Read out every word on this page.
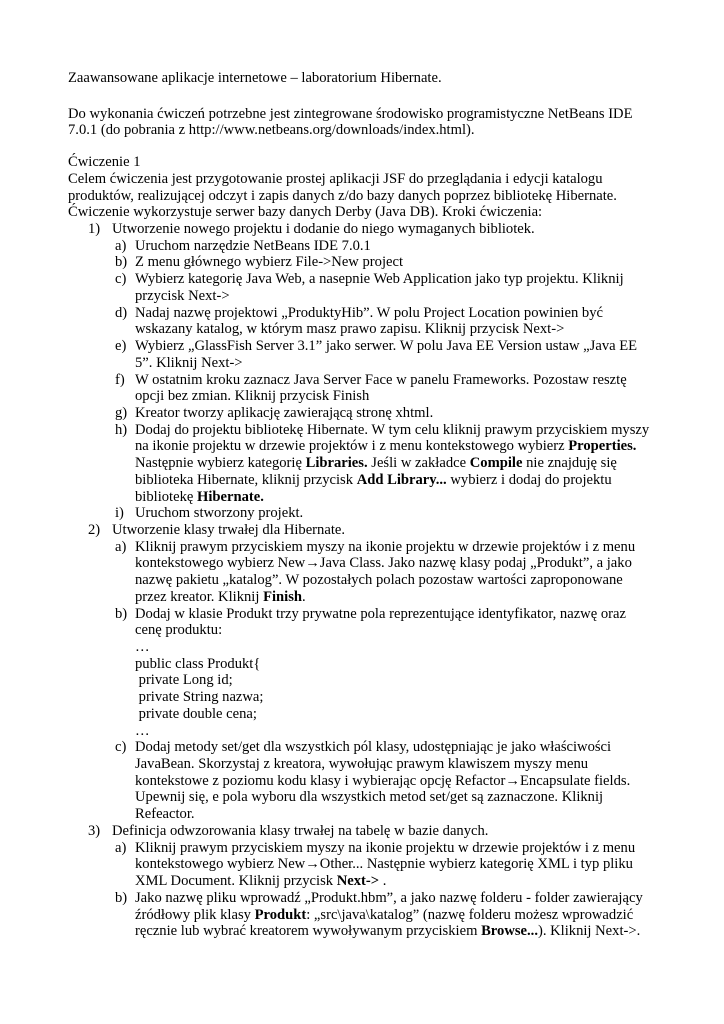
Zaawansowane aplikacje internetowe – laboratorium Hibernate.
Do wykonania ćwiczeń potrzebne jest zintegrowane środowisko programistyczne NetBeans IDE
7.0.1 (do pobrania z http://www.netbeans.org/downloads/index.html).
Ćwiczenie 1
Celem ćwiczenia jest przygotowanie prostej aplikacji JSF do przeglądania i edycji katalogu
produktów, realizującej odczyt i zapis danych z/do bazy danych poprzez bibliotekę Hibernate.
Ćwiczenie wykorzystuje serwer bazy danych Derby (Java DB). Kroki ćwiczenia:
1) Utworzenie nowego projektu i dodanie do niego wymaganych bibliotek.
a) Uruchom narzędzie NetBeans IDE 7.0.1
b) Z menu głównego wybierz File->New project
c) Wybierz kategorię Java Web, a nasepnie Web Application jako typ projektu. Kliknij
przycisk Next->
d) Nadaj nazwę projektowi „ProduktyHib”. W polu Project Location powinien być
wskazany katalog, w którym masz prawo zapisu. Kliknij przycisk Next->
e) Wybierz „GlassFish Server 3.1” jako serwer. W polu Java EE Version ustaw „Java EE
5”. Kliknij Next->
f) W ostatnim kroku zaznacz Java Server Face w panelu Frameworks. Pozostaw resztę
opcji bez zmian. Kliknij przycisk Finish
g) Kreator tworzy aplikację zawierającą stronę xhtml.
h) Dodaj do projektu bibliotekę Hibernate. W tym celu kliknij prawym przyciskiem myszy
na ikonie projektu w drzewie projektów i z menu kontekstowego wybierz Properties.
Następnie wybierz kategorię Libraries. Jeśli w zakładce Compile nie znajduję się
biblioteka Hibernate, kliknij przycisk Add Library... wybierz i dodaj do projektu
bibliotekę Hibernate.
i) Uruchom stworzony projekt.
2) Utworzenie klasy trwałej dla Hibernate.
a) Kliknij prawym przyciskiem myszy na ikonie projektu w drzewie projektów i z menu
kontekstowego wybierz New→Java Class. Jako nazwę klasy podaj „Produkt”, a jako
nazwę pakietu „katalog”. W pozostałych polach pozostaw wartości zaproponowane
przez kreator. Kliknij Finish.
b) Dodaj w klasie Produkt trzy prywatne pola reprezentujące identyfikator, nazwę oraz
cenę produktu:
…
public class Produkt{
private Long id;
private String nazwa;
private double cena;
…
c) Dodaj metody set/get dla wszystkich pól klasy, udostępniając je jako właściwości
JavaBean. Skorzystaj z kreatora, wywołując prawym klawiszem myszy menu
kontekstowe z poziomu kodu klasy i wybierając opcję Refactor→Encapsulate fields.
Upewnij się, e pola wyboru dla wszystkich metod set/get są zaznaczone. Kliknij
Refeactor.
3) Definicja odwzorowania klasy trwałej na tabelę w bazie danych.
a) Kliknij prawym przyciskiem myszy na ikonie projektu w drzewie projektów i z menu
kontekstowego wybierz New→Other... Następnie wybierz kategorię XML i typ pliku
XML Document. Kliknij przycisk Next-> .
b) Jako nazwę pliku wprowadź „Produkt.hbm”, a jako nazwę folderu - folder zawierający
źródłowy plik klasy Produkt: „src\java\katalog” (nazwę folderu możesz wprowadzić
ręcznie lub wybrać kreatorem wywoływanym przyciskiem Browse...). Kliknij Next->.
